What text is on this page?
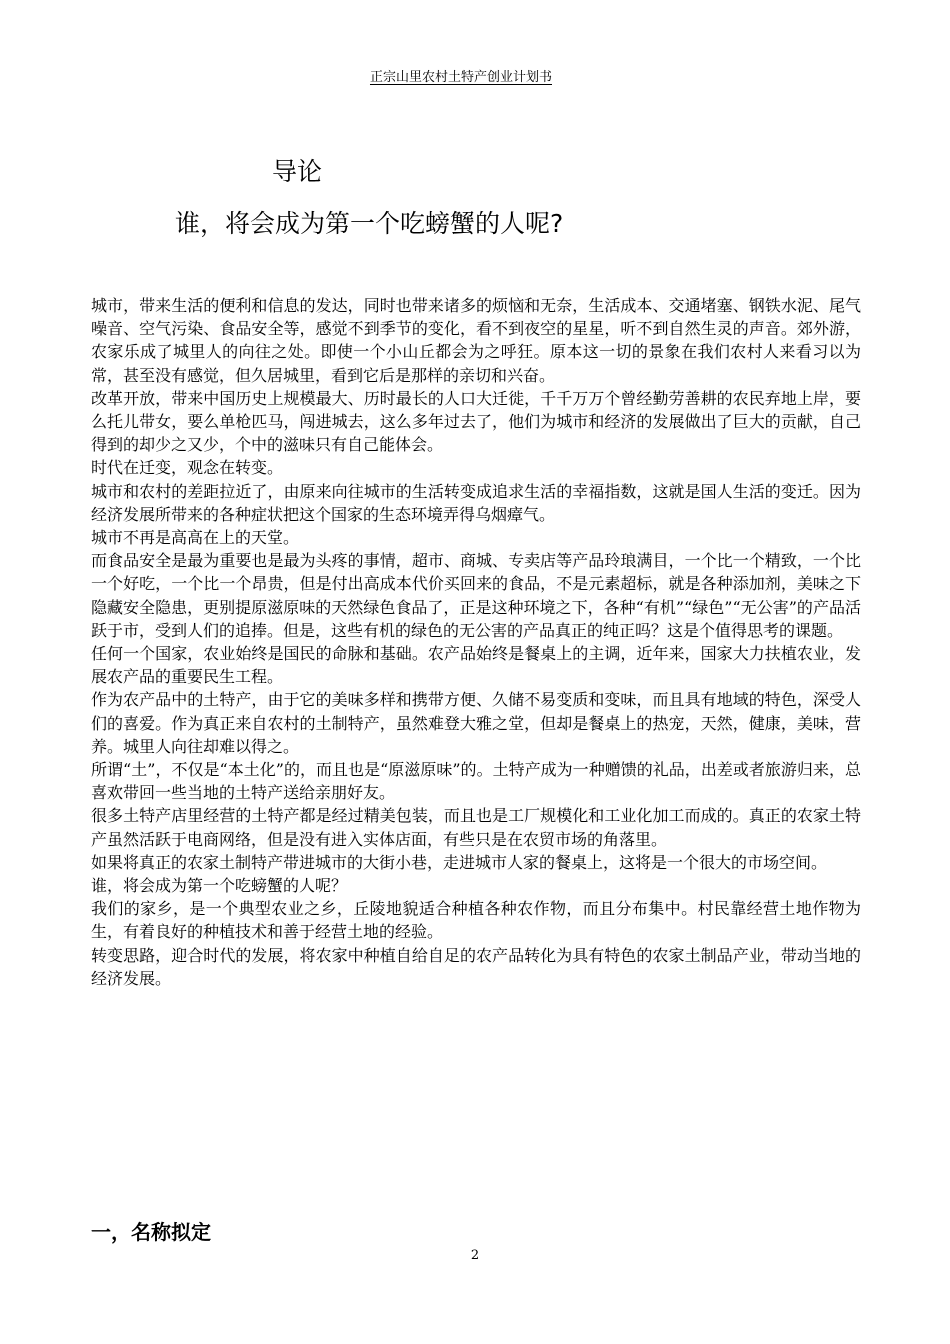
正宗山里农村土特产创业计划书
导论
谁，将会成为第一个吃螃蟹的人呢?

城市，带来生活的便利和信息的发达，同时也带来诸多的烦恼和无奈，生活成本、交通堵塞、钢铁水泥、尾气噪音、空气污染、食品安全等，感觉不到季节的变化，看不到夜空的星星，听不到自然生灵的声音。郊外游，农家乐成了城里人的向往之处。即使一个小山丘都会为之呼狂。原本这一切的景象在我们农村人来看习以为常，甚至没有感觉，但久居城里，看到它后是那样的亲切和兴奋。

改革开放，带来中国历史上规模最大、历时最长的人口大迁徙，千千万万个曾经勤劳善耕的农民弃地上岸，要么托儿带女，要么单枪匹马，闯进城去，这么多年过去了，他们为城市和经济的发展做出了巨大的贡献，自己得到的却少之又少，个中的滋味只有自己能体会。

时代在迁变，观念在转变。

城市和农村的差距拉近了，由原来向往城市的生活转变成追求生活的幸福指数，这就是国人生活的变迁。因为经济发展所带来的各种症状把这个国家的生态环境弄得乌烟瘴气。

城市不再是高高在上的天堂。

而食品安全是最为重要也是最为头疼的事情，超市、商城、专卖店等产品玲琅满目，一个比一个精致，一个比一个好吃，一个比一个昂贵，但是付出高成本代价买回来的食品，不是元素超标，就是各种添加剂，美味之下隐藏安全隐患，更别提原滋原味的天然绿色食品了，正是这种环境之下，各种“有机”“绿色”“无公害”的产品活跃于市，受到人们的追捧。但是，这些有机的绿色的无公害的产品真正的纯正吗？这是个值得思考的课题。

任何一个国家，农业始终是国民的命脉和基础。农产品始终是餐桌上的主调，近年来，国家大力扶植农业，发展农产品的重要民生工程。

作为农产品中的土特产，由于它的美味多样和携带方便、久储不易变质和变味，而且具有地域的特色，深受人们的喜爱。作为真正来自农村的土制特产，虽然难登大雅之堂，但却是餐桌上的热宠，天然，健康，美味，营养。城里人向往却难以得之。

所谓“土”，不仅是“本土化”的，而且也是“原滋原味”的。土特产成为一种赠馈的礼品，出差或者旅游归来，总喜欢带回一些当地的土特产送给亲朋好友。

很多土特产店里经营的土特产都是经过精美包装，而且也是工厂规模化和工业化加工而成的。真正的农家土特产虽然活跃于电商网络，但是没有进入实体店面，有些只是在农贸市场的角落里。

如果将真正的农家土制特产带进城市的大街小巷，走进城市人家的餐桌上，这将是一个很大的市场空间。

谁，将会成为第一个吃螃蟹的人呢？

我们的家乡，是一个典型农业之乡，丘陵地貌适合种植各种农作物，而且分布集中。村民靠经营土地作物为生，有着良好的种植技术和善于经营土地的经验。

转变思路，迎合时代的发展，将农家中种植自给自足的农产品转化为具有特色的农家土制品产业，带动当地的经济发展。

一，名称拟定
2
